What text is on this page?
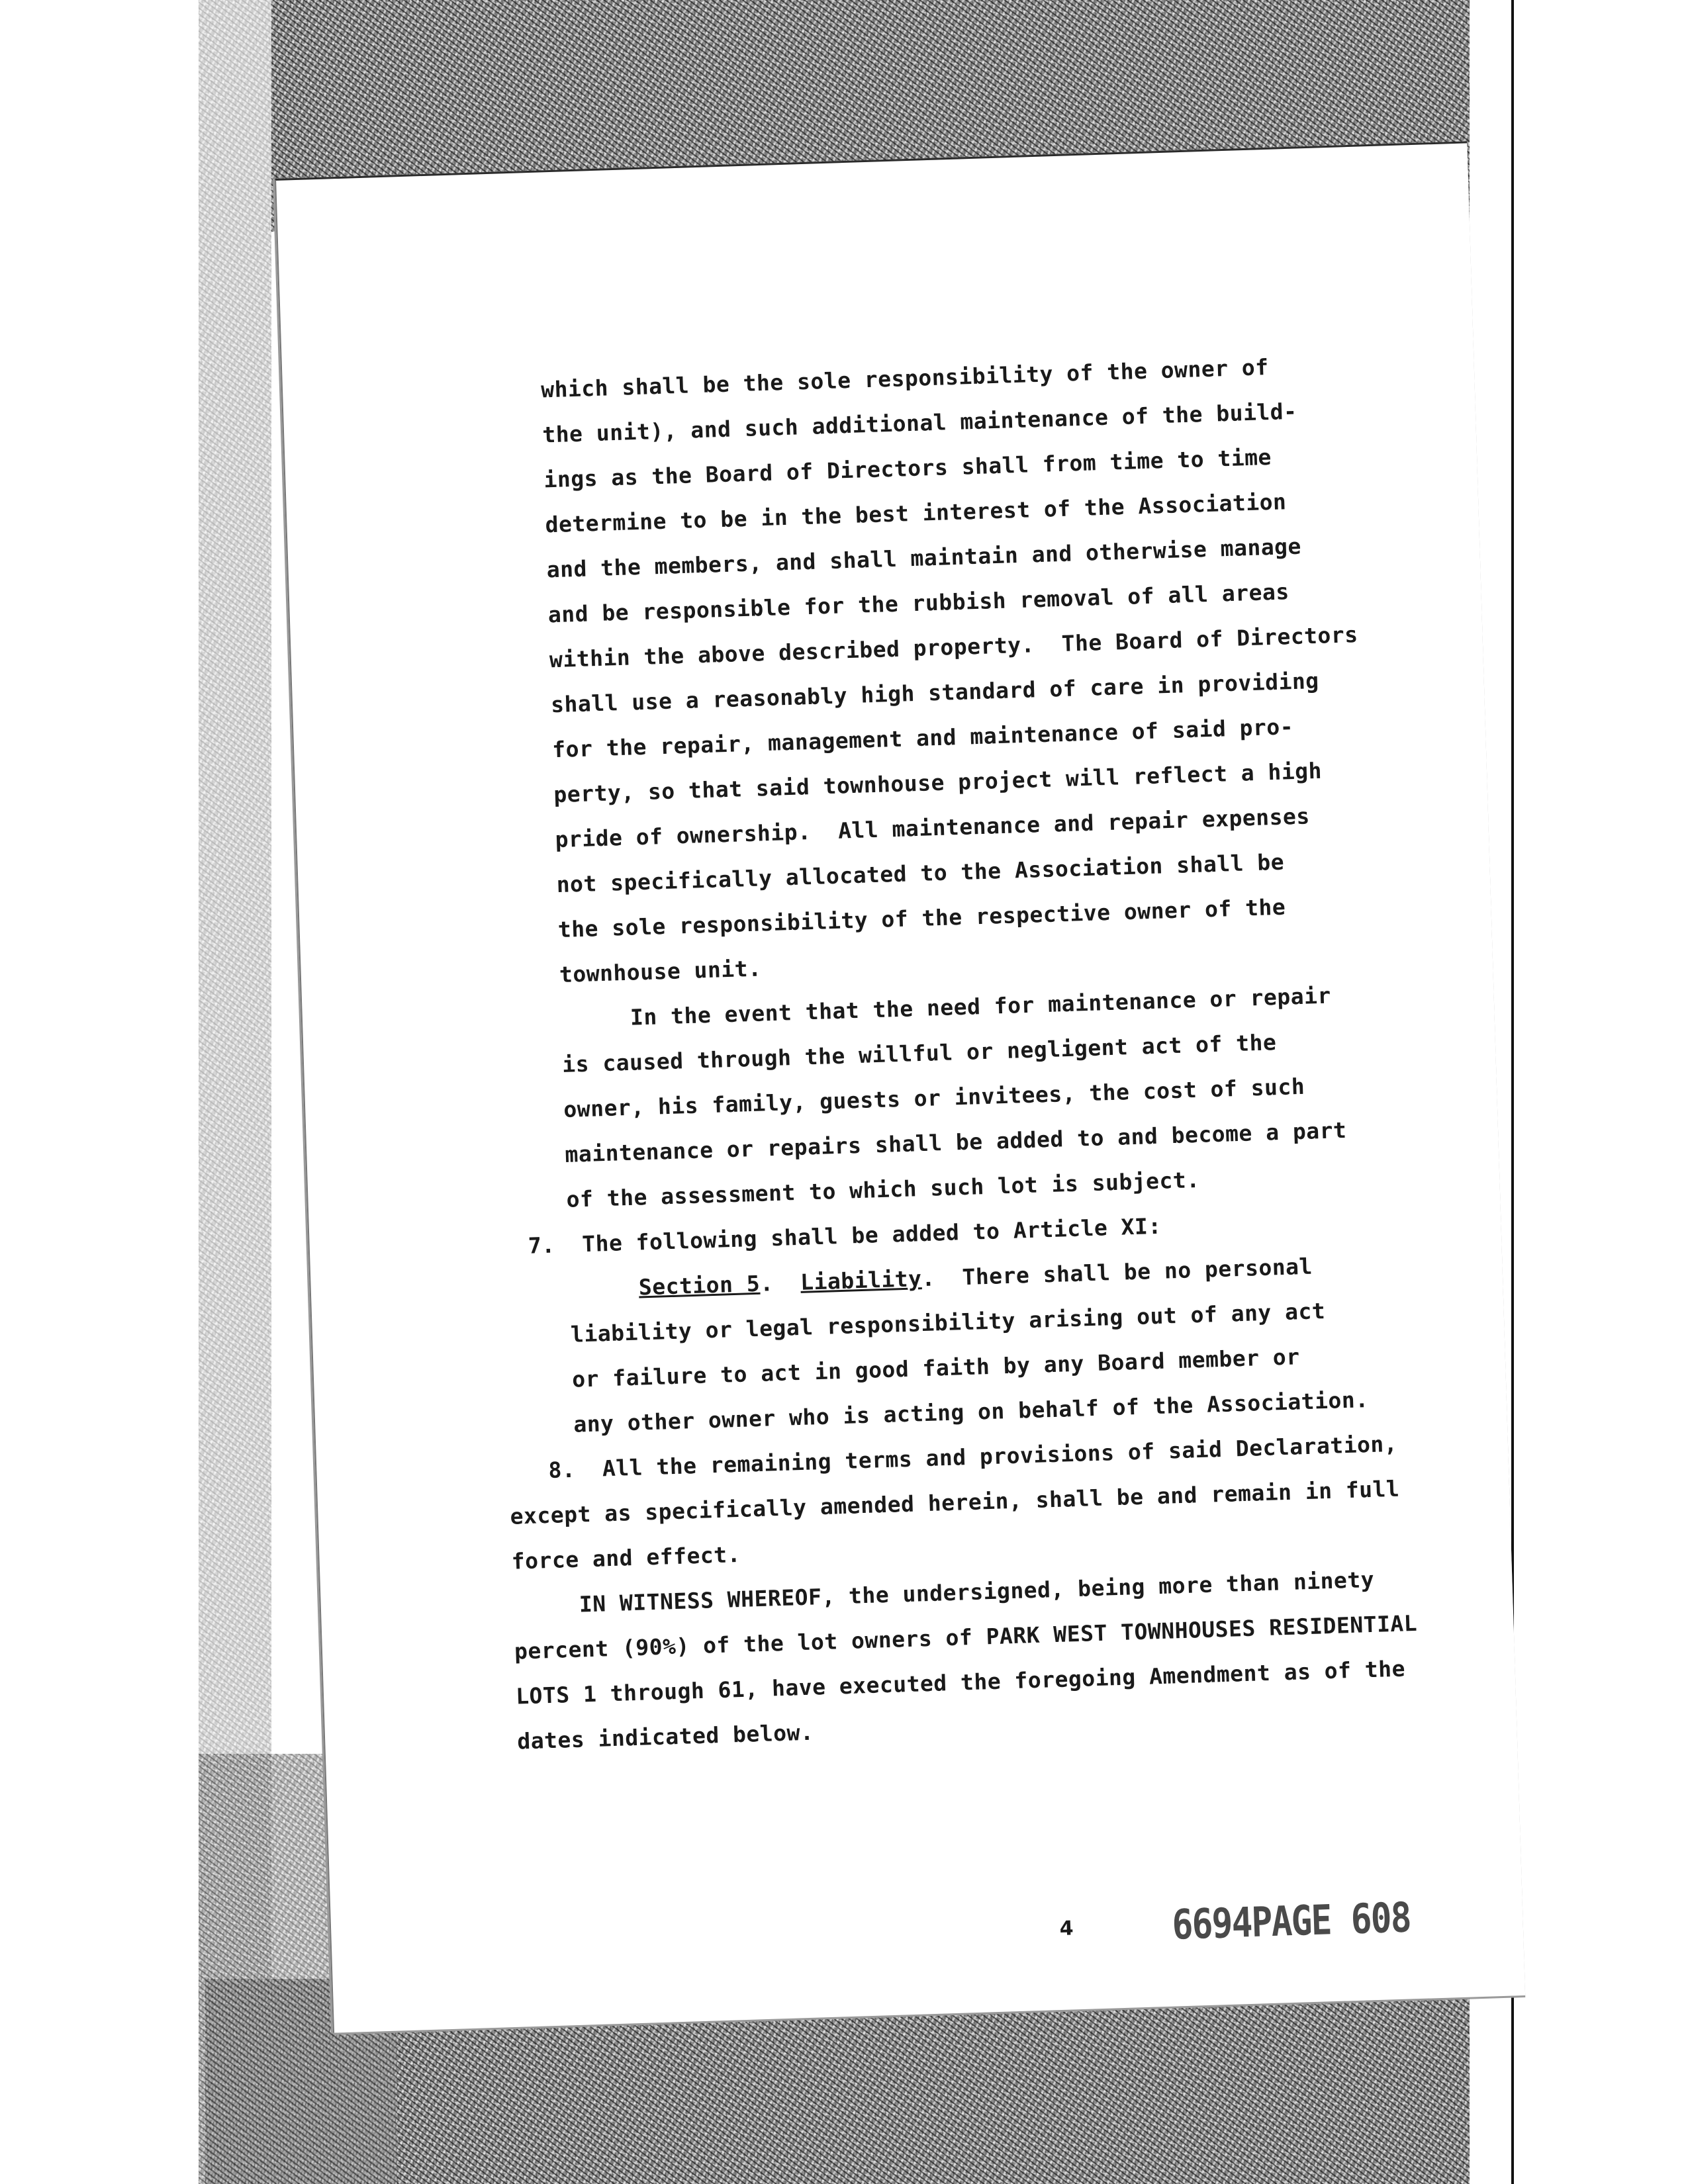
which shall be the sole responsibility of the owner of
the unit), and such additional maintenance of the build-
ings as the Board of Directors shall from time to time
determine to be in the best interest of the Association
and the members, and shall maintain and otherwise manage
and be responsible for the rubbish removal of all areas
within the above described property.  The Board of Directors
shall use a reasonably high standard of care in providing
for the repair, management and maintenance of said pro-
perty, so that said townhouse project will reflect a high
pride of ownership.  All maintenance and repair expenses
not specifically allocated to the Association shall be
the sole responsibility of the respective owner of the
townhouse unit.
In the event that the need for maintenance or repair
is caused through the willful or negligent act of the
owner, his family, guests or invitees, the cost of such
maintenance or repairs shall be added to and become a part
of the assessment to which such lot is subject.
7.  The following shall be added to Article XI:
Section 5.  Liability.  There shall be no personal
liability or legal responsibility arising out of any act
or failure to act in good faith by any Board member or
any other owner who is acting on behalf of the Association.
8.  All the remaining terms and provisions of said Declaration,
except as specifically amended herein, shall be and remain in full
force and effect.
IN WITNESS WHEREOF, the undersigned, being more than ninety
percent (90%) of the lot owners of PARK WEST TOWNHOUSES RESIDENTIAL
LOTS 1 through 61, have executed the foregoing Amendment as of the
dates indicated below.
4 6694PAGE 608
